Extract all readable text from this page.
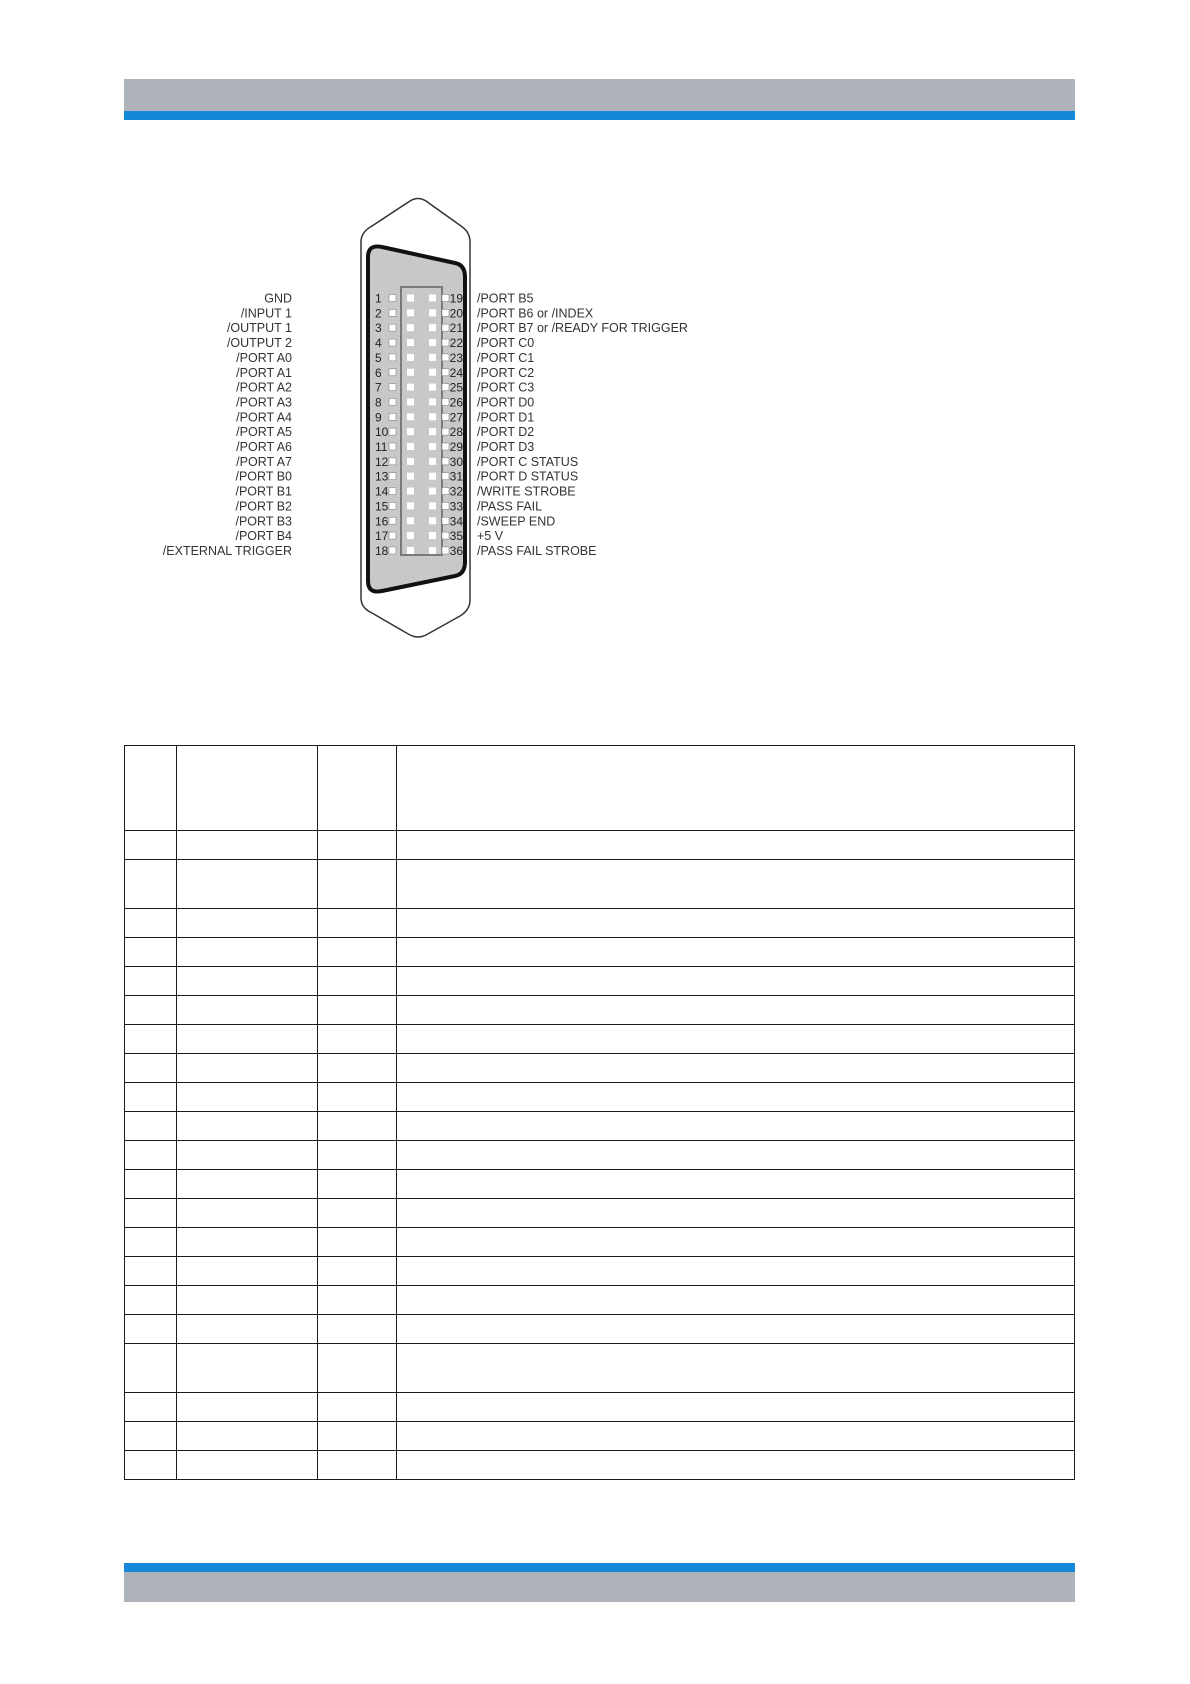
GND	1
/INPUT 1	2
/OUTPUT 1	3
/OUTPUT 2	4
/PORT A0	5
/PORT A1	6
/PORT A2	7
/PORT A3	8
/PORT A4	9
/PORT A5	10
/PORT A6	11
/PORT A7	12
/PORT B0	13
/PORT B1	14
/PORT B2	15
/PORT B3	16
/PORT B4	17
/EXTERNAL TRIGGER	18
19 /PORT B5
20 /PORT B6 or /INDEX
21 /PORT B7 or /READY FOR TRIGGER
22 /PORT C0
23 /PORT C1
24 /PORT C2
25 /PORT C3
26 /PORT D0
27 /PORT D1
28 /PORT D2
29 /PORT D3
30 /PORT C STATUS
31 /PORT D STATUS
32 /WRITE STROBE
33 /PASS FAIL
34 /SWEEP END
35 +5 V
36 /PASS FAIL STROBE
